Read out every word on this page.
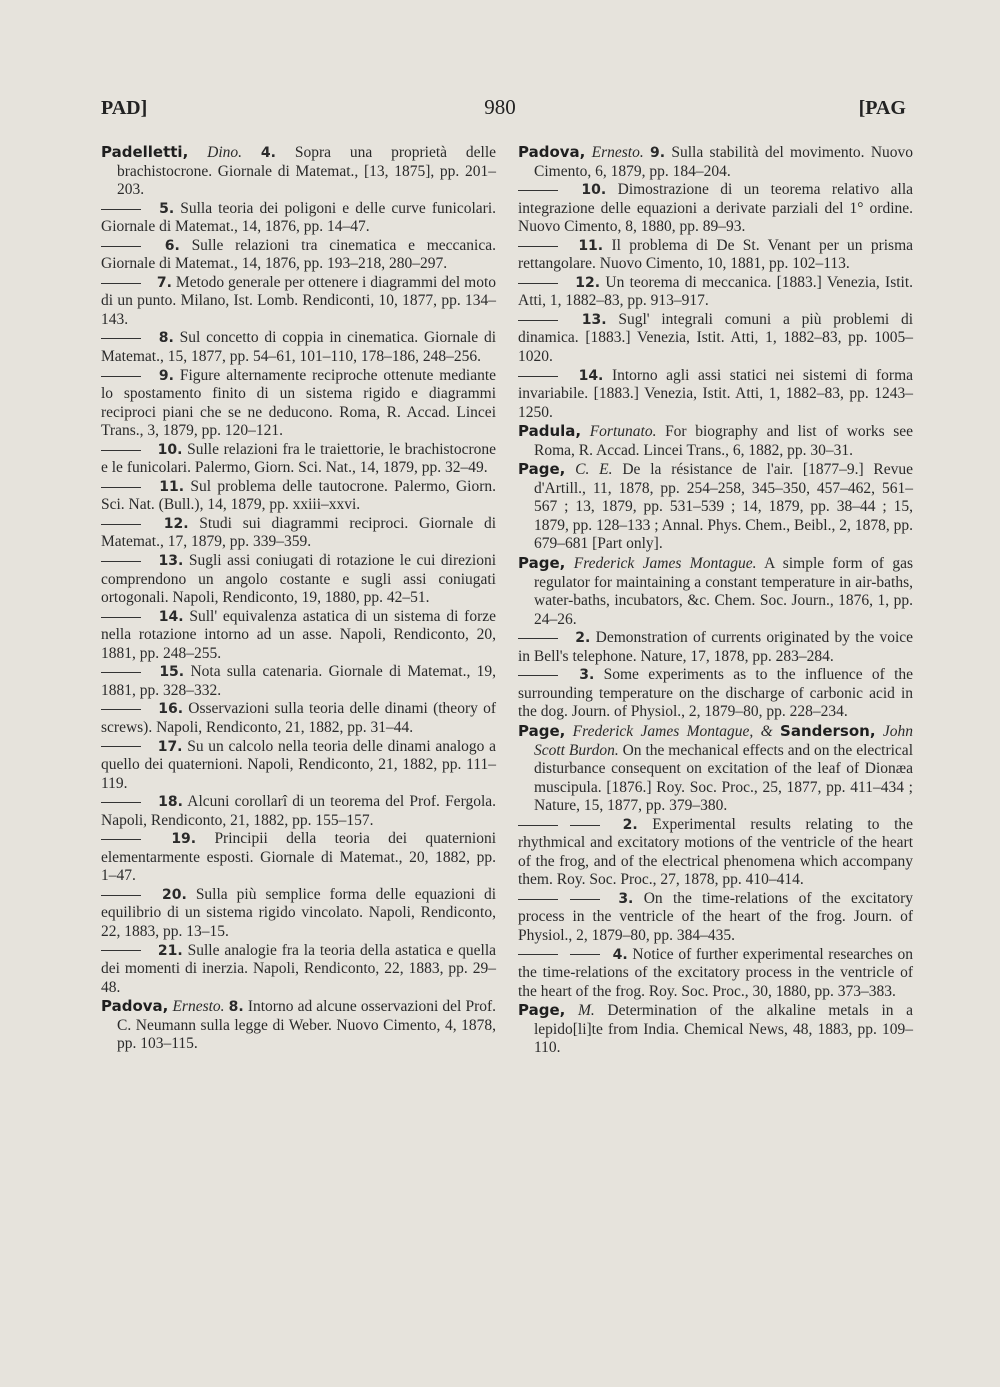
PAD]	980	[PAG

Padelletti, Dino. 4. Sopra una proprietà delle brachistocrone. Giornale di Matemat., [13, 1875], pp. 201–203.

5. Sulla teoria dei poligoni e delle curve funicolari. Giornale di Matemat., 14, 1876, pp. 14–47.

6. Sulle relazioni tra cinematica e meccanica. Giornale di Matemat., 14, 1876, pp. 193–218, 280–297.

7. Metodo generale per ottenere i diagrammi del moto di un punto. Milano, Ist. Lomb. Rendiconti, 10, 1877, pp. 134–143.

8. Sul concetto di coppia in cinematica. Giornale di Matemat., 15, 1877, pp. 54–61, 101–110, 178–186, 248–256.

9. Figure alternamente reciproche ottenute mediante lo spostamento finito di un sistema rigido e diagrammi reciproci piani che se ne deducono. Roma, R. Accad. Lincei Trans., 3, 1879, pp. 120–121.

10. Sulle relazioni fra le traiettorie, le brachistocrone e le funicolari. Palermo, Giorn. Sci. Nat., 14, 1879, pp. 32–49.

11. Sul problema delle tautocrone. Palermo, Giorn. Sci. Nat. (Bull.), 14, 1879, pp. xxiii–xxvi.

12. Studi sui diagrammi reciproci. Giornale di Matemat., 17, 1879, pp. 339–359.

13. Sugli assi coniugati di rotazione le cui direzioni comprendono un angolo costante e sugli assi coniugati ortogonali. Napoli, Rendiconto, 19, 1880, pp. 42–51.

14. Sull' equivalenza astatica di un sistema di forze nella rotazione intorno ad un asse. Napoli, Rendiconto, 20, 1881, pp. 248–255.

15. Nota sulla catenaria. Giornale di Matemat., 19, 1881, pp. 328–332.

16. Osservazioni sulla teoria delle dinami (theory of screws). Napoli, Rendiconto, 21, 1882, pp. 31–44.

17. Su un calcolo nella teoria delle dinami analogo a quello dei quaternioni. Napoli, Rendiconto, 21, 1882, pp. 111–119.

18. Alcuni corollarî di un teorema del Prof. Fergola. Napoli, Rendiconto, 21, 1882, pp. 155–157.

19. Principii della teoria dei quaternioni elementarmente esposti. Giornale di Matemat., 20, 1882, pp. 1–47.

20. Sulla più semplice forma delle equazioni di equilibrio di un sistema rigido vincolato. Napoli, Rendiconto, 22, 1883, pp. 13–15.

21. Sulle analogie fra la teoria della astatica e quella dei momenti di inerzia. Napoli, Rendiconto, 22, 1883, pp. 29–48.

Padova, Ernesto. 8. Intorno ad alcune osservazioni del Prof. C. Neumann sulla legge di Weber. Nuovo Cimento, 4, 1878, pp. 103–115.

Padova, Ernesto. 9. Sulla stabilità del movimento. Nuovo Cimento, 6, 1879, pp. 184–204.

10. Dimostrazione di un teorema relativo alla integrazione delle equazioni a derivate parziali del 1° ordine. Nuovo Cimento, 8, 1880, pp. 89–93.

11. Il problema di De St. Venant per un prisma rettangolare. Nuovo Cimento, 10, 1881, pp. 102–113.

12. Un teorema di meccanica. [1883.] Venezia, Istit. Atti, 1, 1882–83, pp. 913–917.

13. Sugl' integrali comuni a più problemi di dinamica. [1883.] Venezia, Istit. Atti, 1, 1882–83, pp. 1005–1020.

14. Intorno agli assi statici nei sistemi di forma invariabile. [1883.] Venezia, Istit. Atti, 1, 1882–83, pp. 1243–1250.

Padula, Fortunato. For biography and list of works see Roma, R. Accad. Lincei Trans., 6, 1882, pp. 30–31.

Page, C. E. De la résistance de l'air. [1877–9.] Revue d'Artill., 11, 1878, pp. 254–258, 345–350, 457–462, 561–567 ; 13, 1879, pp. 531–539 ; 14, 1879, pp. 38–44 ; 15, 1879, pp. 128–133 ; Annal. Phys. Chem., Beibl., 2, 1878, pp. 679–681 [Part only].

Page, Frederick James Montague. A simple form of gas regulator for maintaining a constant temperature in air-baths, water-baths, incubators, &c. Chem. Soc. Journ., 1876, 1, pp. 24–26.

2. Demonstration of currents originated by the voice in Bell's telephone. Nature, 17, 1878, pp. 283–284.

3. Some experiments as to the influence of the surrounding temperature on the discharge of carbonic acid in the dog. Journ. of Physiol., 2, 1879–80, pp. 228–234.

Page, Frederick James Montague, & Sanderson, John Scott Burdon. On the mechanical effects and on the electrical disturbance consequent on excitation of the leaf of Dionæa muscipula. [1876.] Roy. Soc. Proc., 25, 1877, pp. 411–434 ; Nature, 15, 1877, pp. 379–380.

2. Experimental results relating to the rhythmical and excitatory motions of the ventricle of the heart of the frog, and of the electrical phenomena which accompany them. Roy. Soc. Proc., 27, 1878, pp. 410–414.

3. On the time-relations of the excitatory process in the ventricle of the heart of the frog. Journ. of Physiol., 2, 1879–80, pp. 384–435.

4. Notice of further experimental researches on the time-relations of the excitatory process in the ventricle of the heart of the frog. Roy. Soc. Proc., 30, 1880, pp. 373–383.

Page, M. Determination of the alkaline metals in a lepido[li]te from India. Chemical News, 48, 1883, pp. 109–110.
